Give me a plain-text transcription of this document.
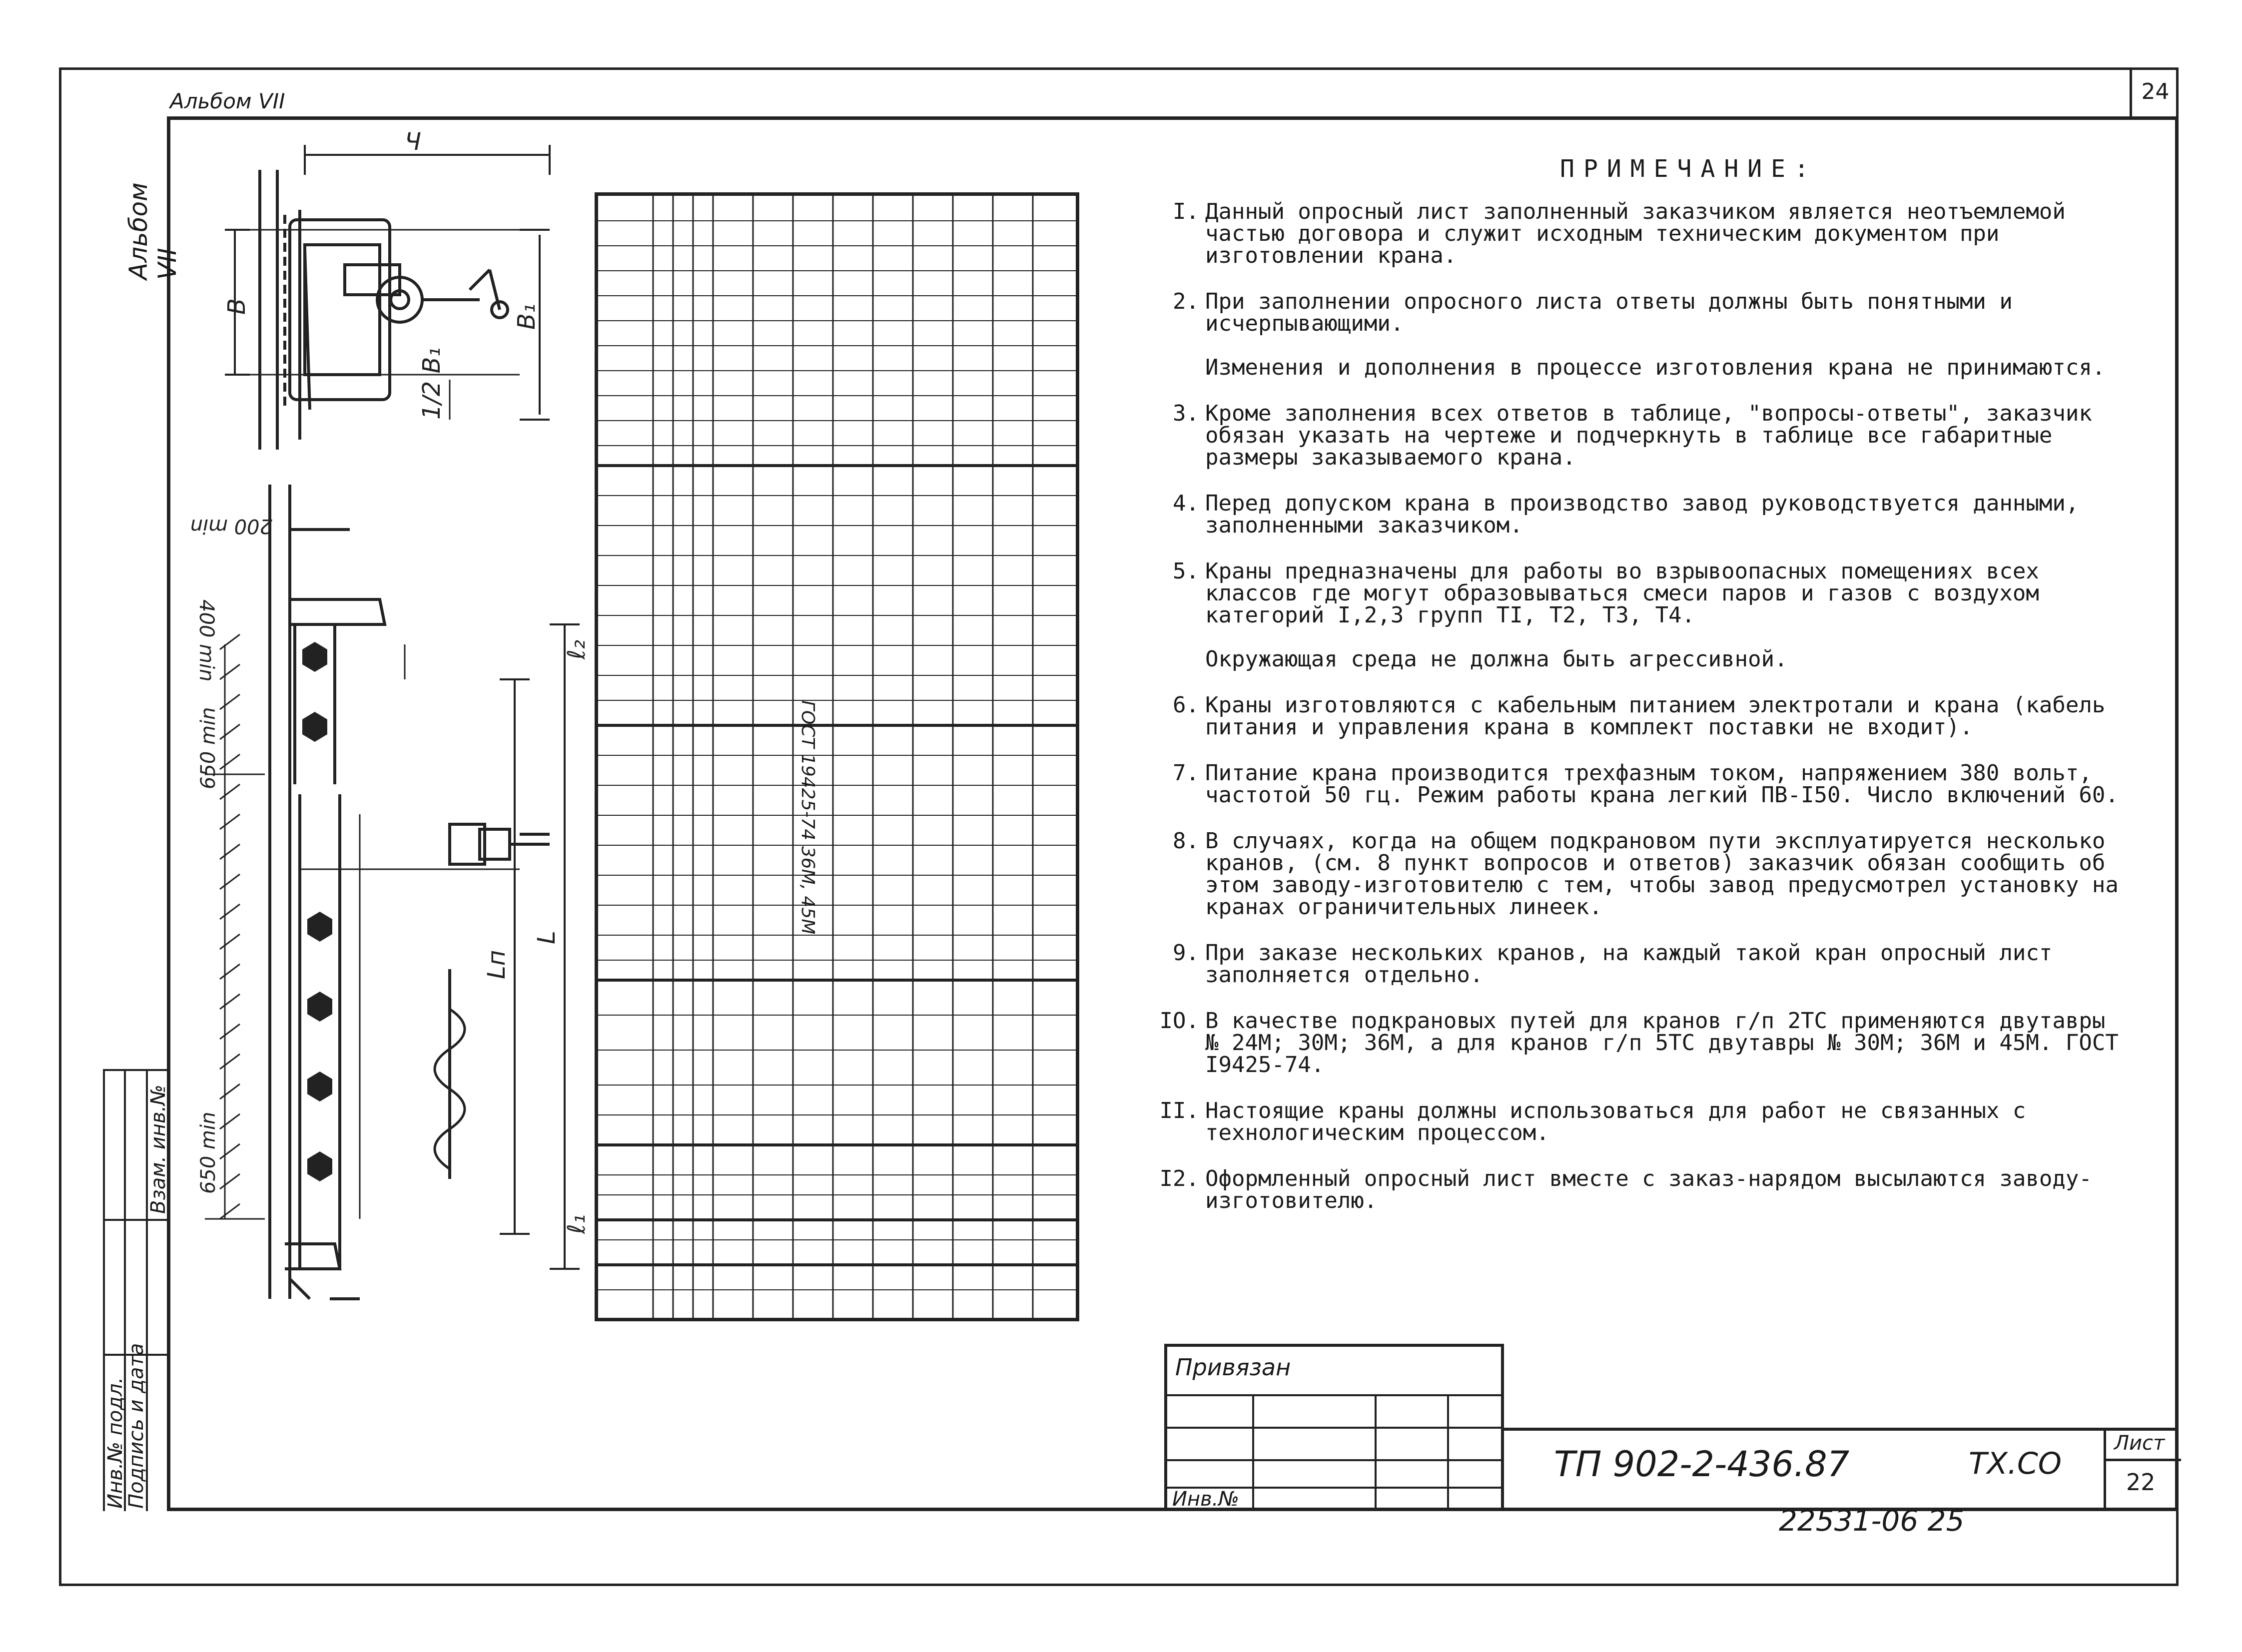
24
Альбом VII
Альбом VII
Инв.№ подл.
Подпись и дата
Взам. инв.№
Ч
В	В₁
1/2 В₁
200 min
400 min
650 min
650 min
ℓ₂
Lп
L
ℓ₁
ГОСТ 19425-74 36М, 45М
ПРИМЕЧАНИЕ:
I. Данный опросный лист заполненный заказчиком является неотъемлемой частью договора и служит исходным техническим документом при изготовлении крана.
2. При заполнении опросного листа ответы должны быть понятными и исчерпывающими.
Изменения и дополнения в процессе изготовления крана не принимаются.
3. Кроме заполнения всех ответов в таблице, "вопросы-ответы", заказчик обязан указать на чертеже и подчеркнуть в таблице все габаритные размеры заказываемого крана.
4. Перед допуском крана в производство завод руководствуется данными, заполненными заказчиком.
5. Краны предназначены для работы во взрывоопасных помещениях всех классов где могут образовываться смеси паров и газов с воздухом категорий I,2,3 групп ТI, Т2, Т3, Т4.
Окружающая среда не должна быть агрессивной.
6. Краны изготовляются с кабельным питанием электротали и крана (кабель питания и управления крана в комплект поставки не входит).
7. Питание крана производится трехфазным током, напряжением 380 вольт, частотой 50 гц. Режим работы крана легкий ПВ-I50. Число включений 60.
8. В случаях, когда на общем подкрановом пути эксплуатируется несколько кранов, (см. 8 пункт вопросов и ответов) заказчик обязан сообщить об этом заводу-изготовителю с тем, чтобы завод предусмотрел установку на кранах ограничительных линеек.
9. При заказе нескольких кранов, на каждый такой кран опросный лист заполняется отдельно.
IO. В качестве подкрановых путей для кранов г/п 2ТС применяются двутавры № 24М; 30М; 36М, а для кранов г/п 5ТС двутавры № 30М; 36М и 45М. ГОСТ I9425-74.
II. Настоящие краны должны использоваться для работ не связанных с технологическим процессом.
I2. Оформленный опросный лист вместе с заказ-нарядом высылаются заводу-изготовителю.
Привязан
Инв.№
ТП 902-2-436.87	ТХ.СО
Лист
22
22531-06 25
